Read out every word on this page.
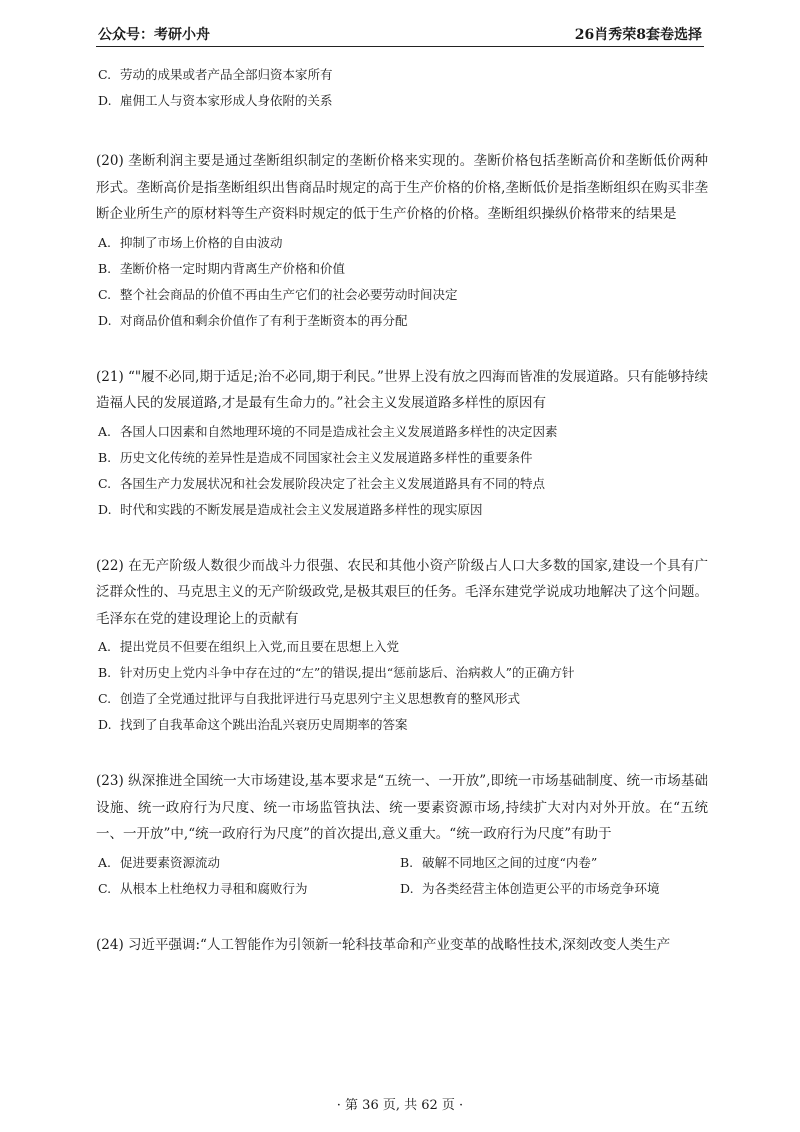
公众号：考研小舟	26肖秀荣8套卷选择
C. 劳动的成果或者产品全部归资本家所有
D. 雇佣工人与资本家形成人身依附的关系

(20) 垄断利润主要是通过垄断组织制定的垄断价格来实现的。垄断价格包括垄断高价和垄断低价两种形式。垄断高价是指垄断组织出售商品时规定的高于生产价格的价格,垄断低价是指垄断组织在购买非垄断企业所生产的原材料等生产资料时规定的低于生产价格的价格。垄断组织操纵价格带来的结果是

A. 抑制了市场上价格的自由波动
B. 垄断价格一定时期内背离生产价格和价值
C. 整个社会商品的价值不再由生产它们的社会必要劳动时间决定
D. 对商品价值和剩余价值作了有利于垄断资本的再分配

(21) “"履不必同,期于适足;治不必同,期于利民。”世界上没有放之四海而皆准的发展道路。只有能够持续造福人民的发展道路,才是最有生命力的。”社会主义发展道路多样性的原因有

A. 各国人口因素和自然地理环境的不同是造成社会主义发展道路多样性的决定因素
B. 历史文化传统的差异性是造成不同国家社会主义发展道路多样性的重要条件
C. 各国生产力发展状况和社会发展阶段决定了社会主义发展道路具有不同的特点
D. 时代和实践的不断发展是造成社会主义发展道路多样性的现实原因

(22) 在无产阶级人数很少而战斗力很强、农民和其他小资产阶级占人口大多数的国家,建设一个具有广泛群众性的、马克思主义的无产阶级政党,是极其艰巨的任务。毛泽东建党学说成功地解决了这个问题。毛泽东在党的建设理论上的贡献有

A. 提出党员不但要在组织上入党,而且要在思想上入党
B. 针对历史上党内斗争中存在过的“左”的错误,提出“惩前毖后、治病救人”的正确方针
C. 创造了全党通过批评与自我批评进行马克思列宁主义思想教育的整风形式
D. 找到了自我革命这个跳出治乱兴衰历史周期率的答案

(23) 纵深推进全国统一大市场建设,基本要求是“五统一、一开放”,即统一市场基础制度、统一市场基础设施、统一政府行为尺度、统一市场监管执法、统一要素资源市场,持续扩大对内对外开放。在“五统一、一开放”中,“统一政府行为尺度”的首次提出,意义重大。“统一政府行为尺度”有助于

A. 促进要素资源流动	B. 破解不同地区之间的过度“内卷”
C. 从根本上杜绝权力寻租和腐败行为	D. 为各类经营主体创造更公平的市场竞争环境

(24) 习近平强调:“人工智能作为引领新一轮科技革命和产业变革的战略性技术,深刻改变人类生产

· 第 36 页, 共 62 页 ·
